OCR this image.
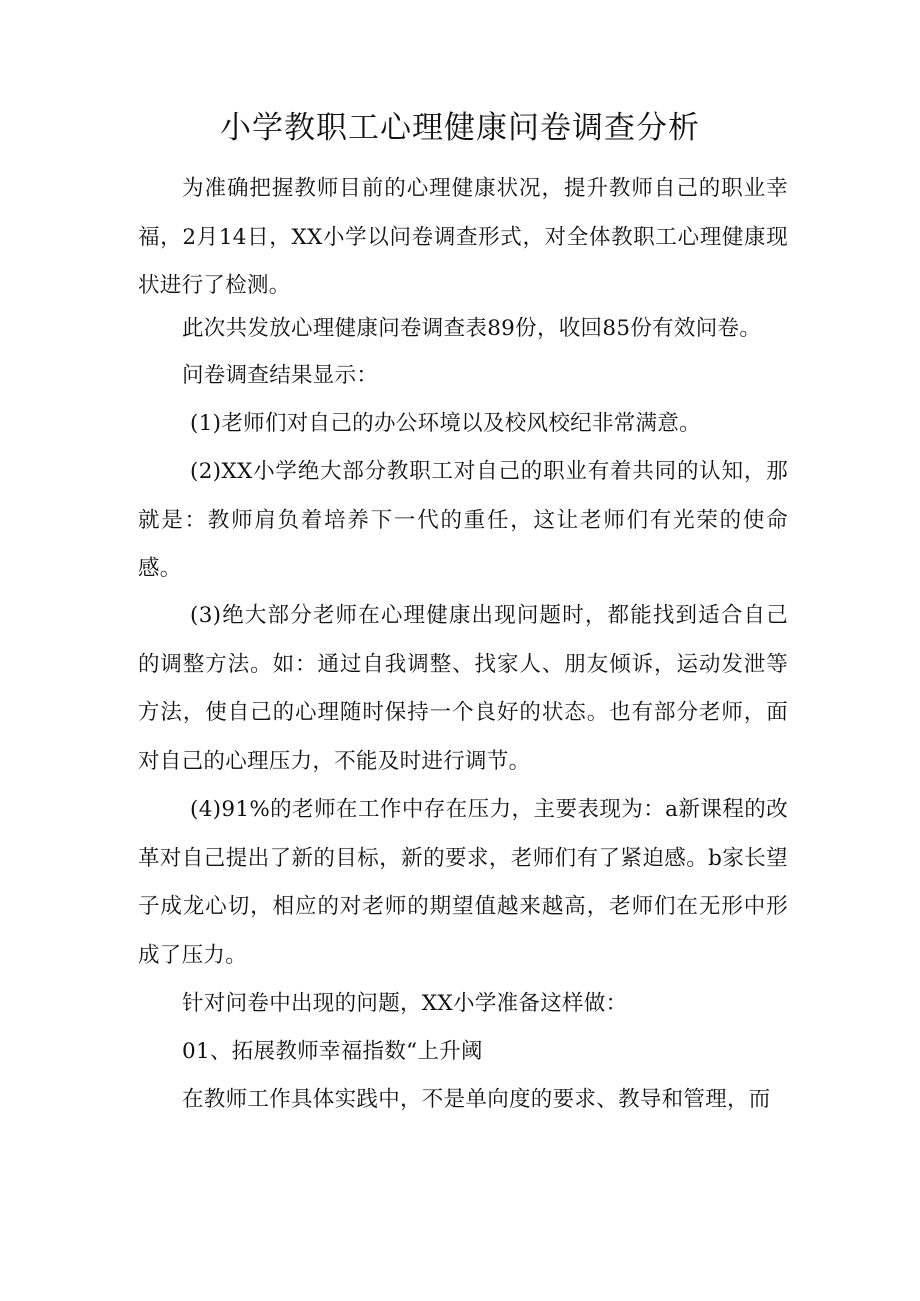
小学教职工心理健康问卷调查分析

为准确把握教师目前的心理健康状况，提升教师自己的职业幸福，2月14日，XX小学以问卷调查形式，对全体教职工心理健康现状进行了检测。

此次共发放心理健康问卷调查表89份，收回85份有效问卷。

问卷调查结果显示：

(1)老师们对自己的办公环境以及校风校纪非常满意。

(2)XX小学绝大部分教职工对自己的职业有着共同的认知，那就是：教师肩负着培养下一代的重任，这让老师们有光荣的使命感。

(3)绝大部分老师在心理健康出现问题时，都能找到适合自己的调整方法。如：通过自我调整、找家人、朋友倾诉，运动发泄等方法，使自己的心理随时保持一个良好的状态。也有部分老师，面对自己的心理压力，不能及时进行调节。

(4)91%的老师在工作中存在压力，主要表现为：a新课程的改革对自己提出了新的目标，新的要求，老师们有了紧迫感。b家长望子成龙心切，相应的对老师的期望值越来越高，老师们在无形中形成了压力。

针对问卷中出现的问题，XX小学准备这样做：

01、拓展教师幸福指数“上升阈

在教师工作具体实践中，不是单向度的要求、教导和管理，而
